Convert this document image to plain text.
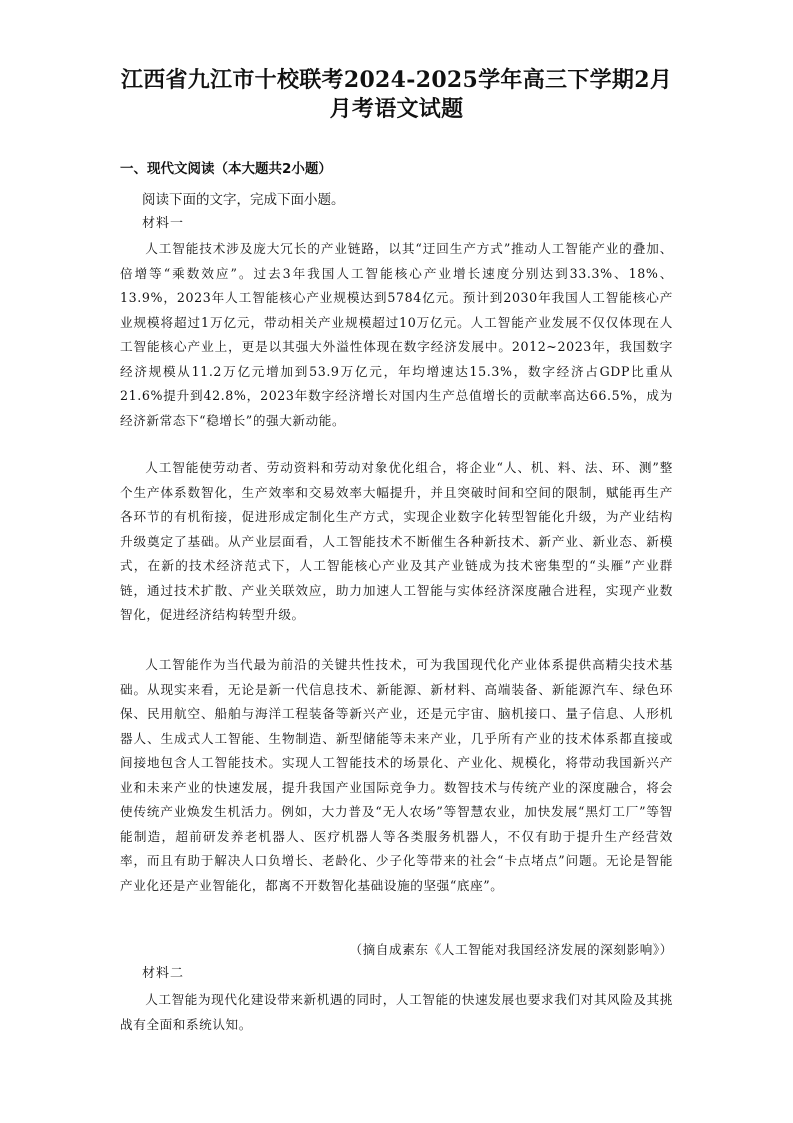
江西省九江市十校联考2024-2025学年高三下学期2月月考语文试题
一、现代文阅读（本大题共2小题）

阅读下面的文字，完成下面小题。

材料一

人工智能技术涉及庞大冗长的产业链路，以其“迂回生产方式”推动人工智能产业的叠加、倍增等“乘数效应”。过去3年我国人工智能核心产业增长速度分别达到33.3%、18%、13.9%，2023年人工智能核心产业规模达到5784亿元。预计到2030年我国人工智能核心产业规模将超过1万亿元，带动相关产业规模超过10万亿元。人工智能产业发展不仅仅体现在人工智能核心产业上，更是以其强大外溢性体现在数字经济发展中。2012~2023年，我国数字经济规模从11.2万亿元增加到53.9万亿元，年均增速达15.3%，数字经济占GDP比重从21.6%提升到42.8%，2023年数字经济增长对国内生产总值增长的贡献率高达66.5%，成为经济新常态下“稳增长”的强大新动能。

人工智能使劳动者、劳动资料和劳动对象优化组合，将企业“人、机、料、法、环、测”整个生产体系数智化，生产效率和交易效率大幅提升，并且突破时间和空间的限制，赋能再生产各环节的有机衔接，促进形成定制化生产方式，实现企业数字化转型智能化升级，为产业结构升级奠定了基础。从产业层面看，人工智能技术不断催生各种新技术、新产业、新业态、新模式，在新的技术经济范式下，人工智能核心产业及其产业链成为技术密集型的“头雁”产业群链，通过技术扩散、产业关联效应，助力加速人工智能与实体经济深度融合进程，实现产业数智化，促进经济结构转型升级。

人工智能作为当代最为前沿的关键共性技术，可为我国现代化产业体系提供高精尖技术基础。从现实来看，无论是新一代信息技术、新能源、新材料、高端装备、新能源汽车、绿色环保、民用航空、船舶与海洋工程装备等新兴产业，还是元宇宙、脑机接口、量子信息、人形机器人、生成式人工智能、生物制造、新型储能等未来产业，几乎所有产业的技术体系都直接或间接地包含人工智能技术。实现人工智能技术的场景化、产业化、规模化，将带动我国新兴产业和未来产业的快速发展，提升我国产业国际竞争力。数智技术与传统产业的深度融合，将会使传统产业焕发生机活力。例如，大力普及“无人农场”等智慧农业，加快发展“黑灯工厂”等智能制造，超前研发养老机器人、医疗机器人等各类服务机器人，不仅有助于提升生产经营效率，而且有助于解决人口负增长、老龄化、少子化等带来的社会“卡点堵点”问题。无论是智能产业化还是产业智能化，都离不开数智化基础设施的坚强“底座”。

（摘自成素东《人工智能对我国经济发展的深刻影响》）

材料二

人工智能为现代化建设带来新机遇的同时，人工智能的快速发展也要求我们对其风险及其挑战有全面和系统认知。
